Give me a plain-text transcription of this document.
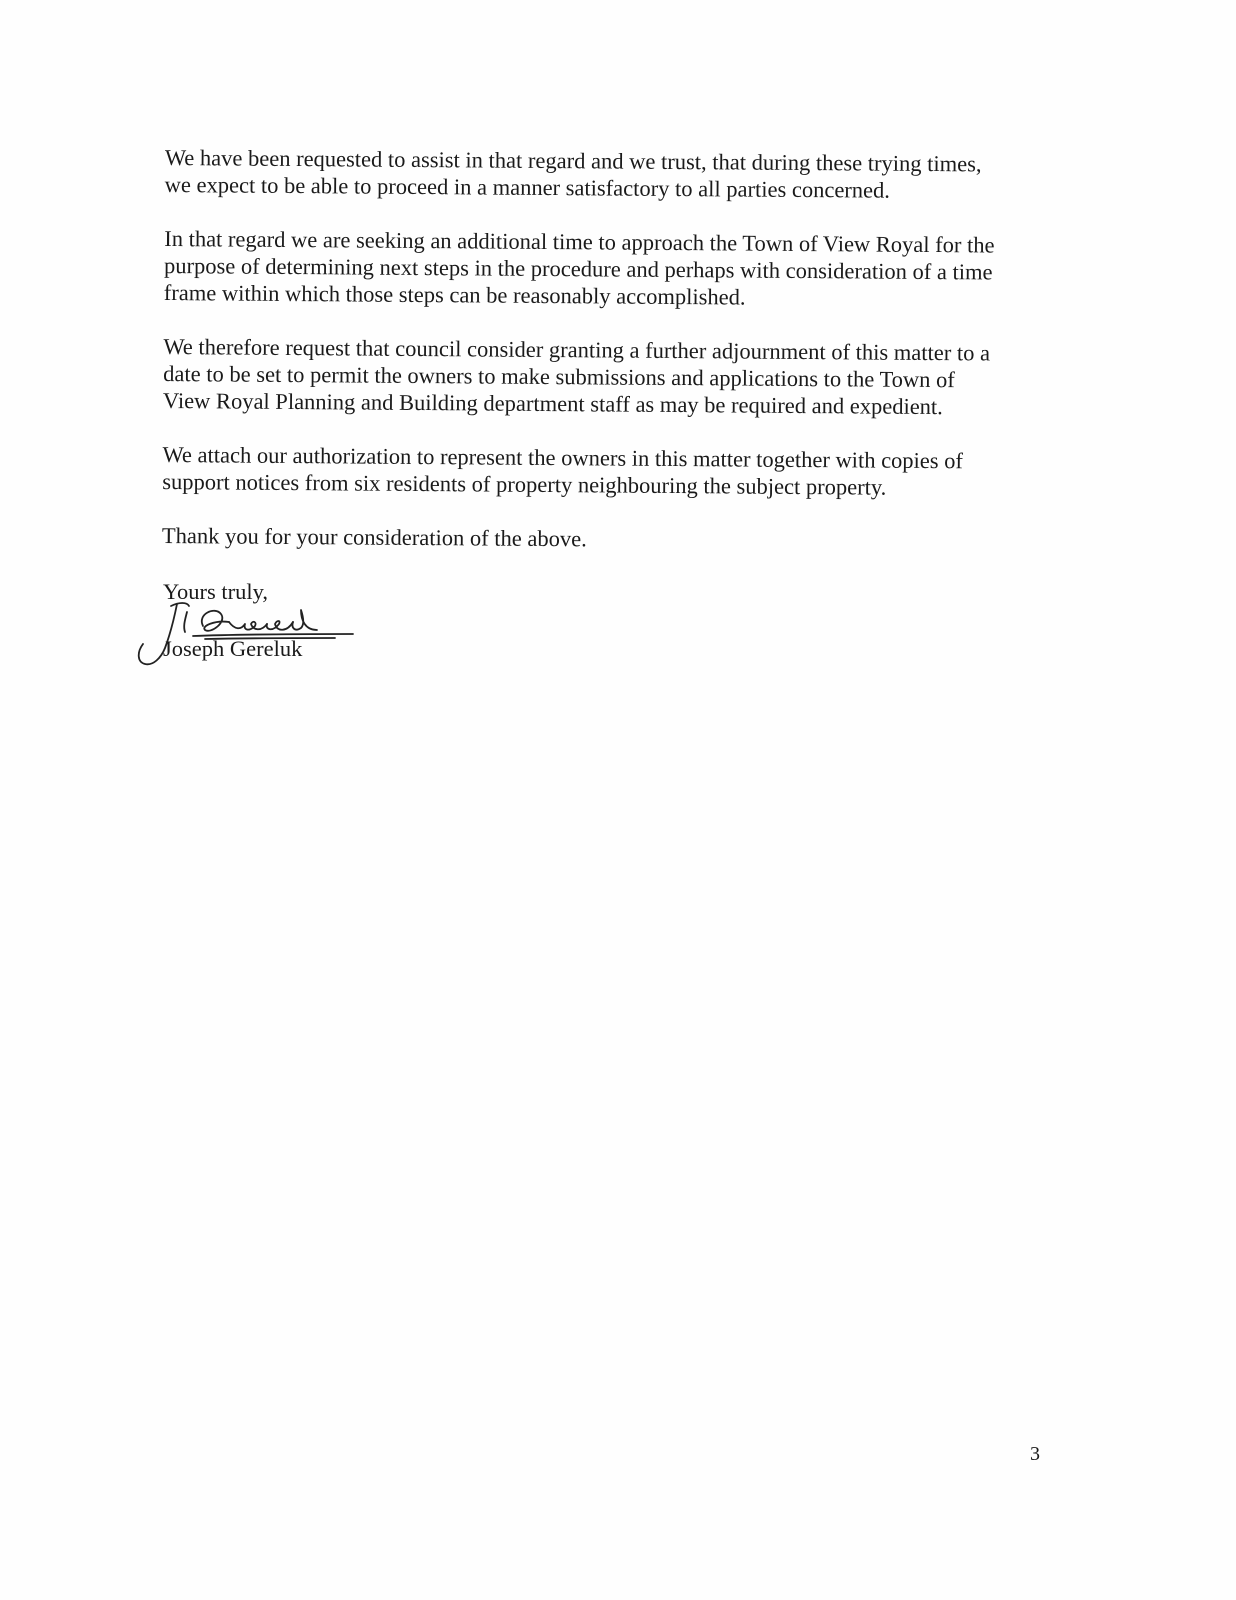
We have been requested to assist in that regard and we trust, that during these trying times,
we expect to be able to proceed in a manner satisfactory to all parties concerned.

In that regard we are seeking an additional time to approach the Town of View Royal for the
purpose of determining next steps in the procedure and perhaps with consideration of a time
frame within which those steps can be reasonably accomplished.

We therefore request that council consider granting a further adjournment of this matter to a
date to be set to permit the owners to make submissions and applications to the Town of
View Royal Planning and Building department staff as may be required and expedient.

We attach our authorization to represent the owners in this matter together with copies of
support notices from six residents of property neighbouring the subject property.

Thank you for your consideration of the above.

Yours truly,
Joseph Gereluk
3
